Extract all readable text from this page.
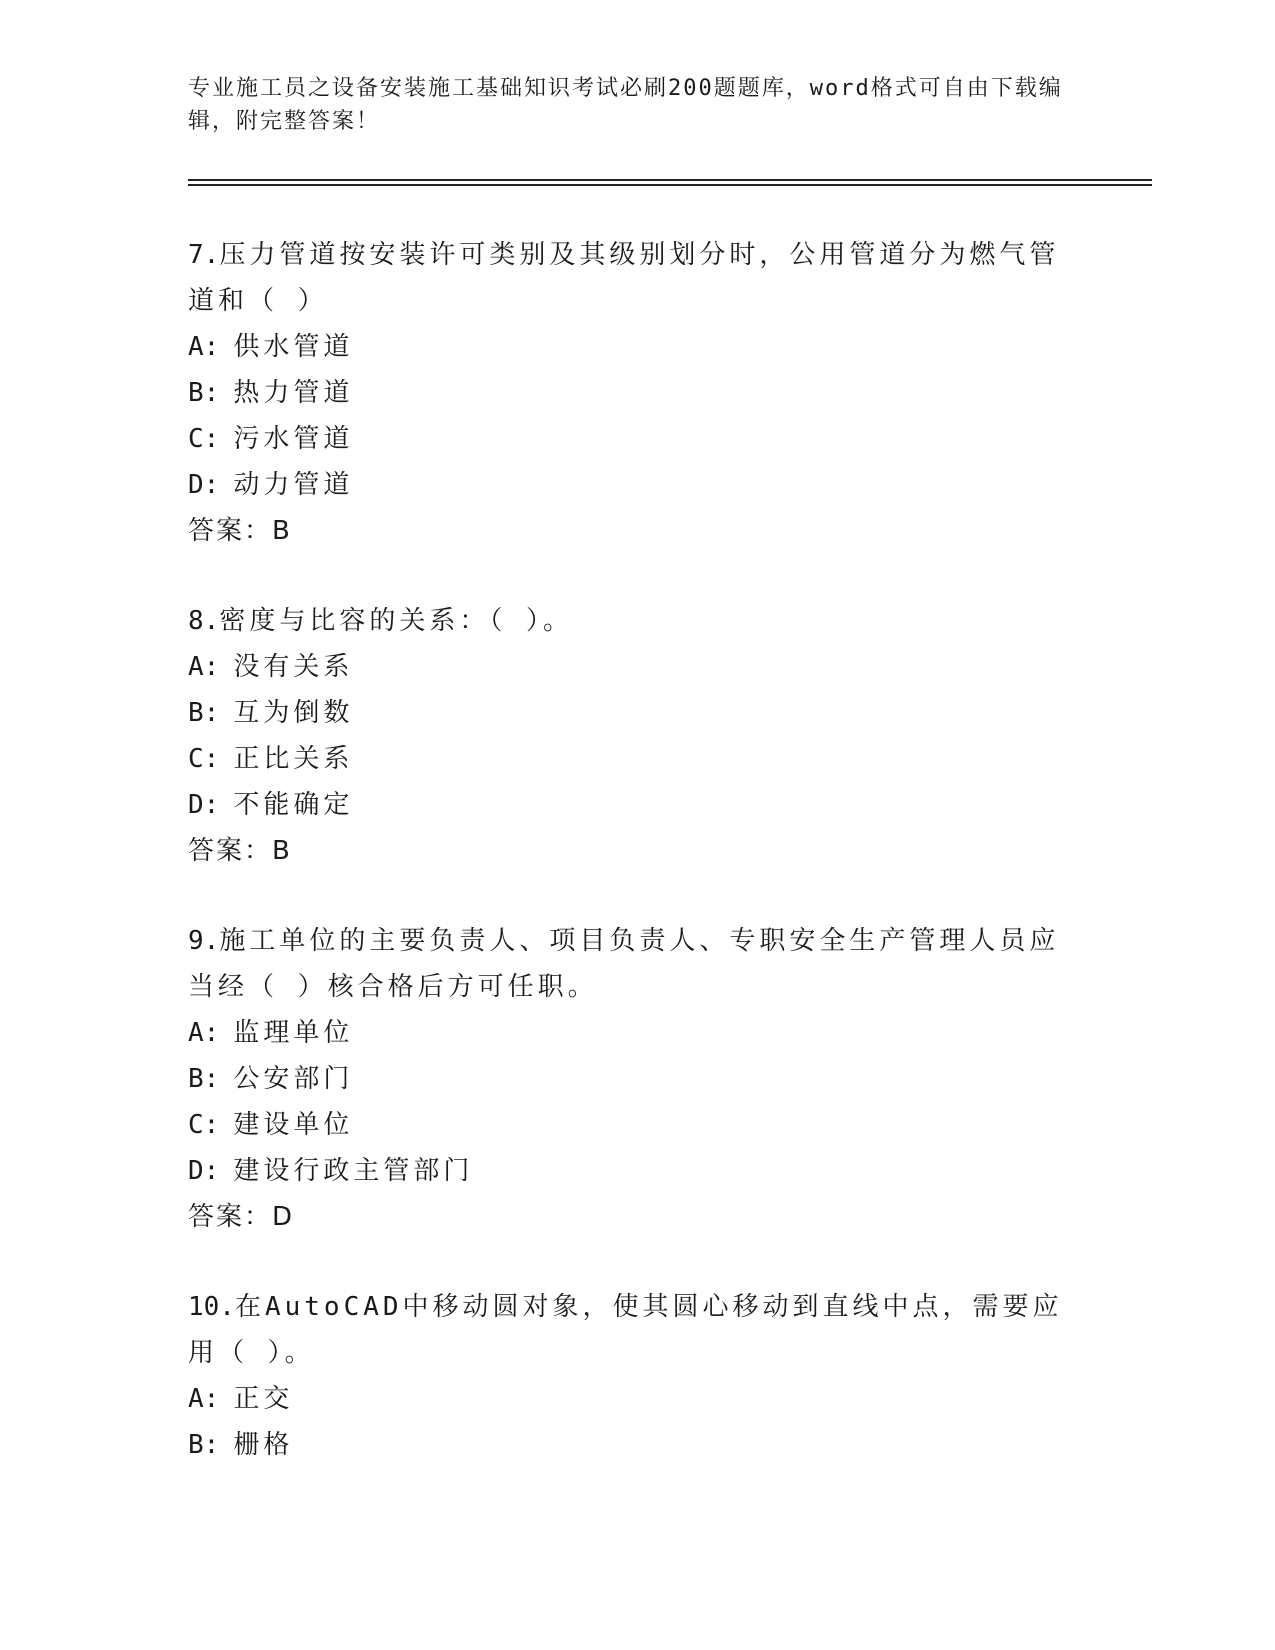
专业施工员之设备安装施工基础知识考试必刷200题题库，word格式可自由下载编辑，附完整答案！

7.压力管道按安装许可类别及其级别划分时，公用管道分为燃气管道和（ ）

A: 供水管道

B: 热力管道

C: 污水管道

D: 动力管道

答案：B

8.密度与比容的关系：（ ）。

A: 没有关系

B: 互为倒数

C: 正比关系

D: 不能确定

答案：B

9.施工单位的主要负责人、项目负责人、专职安全生产管理人员应当经（ ）核合格后方可任职。

A: 监理单位

B: 公安部门

C: 建设单位

D: 建设行政主管部门

答案：D

10.在AutoCAD中移动圆对象，使其圆心移动到直线中点，需要应用（ ）。

A: 正交

B: 栅格
